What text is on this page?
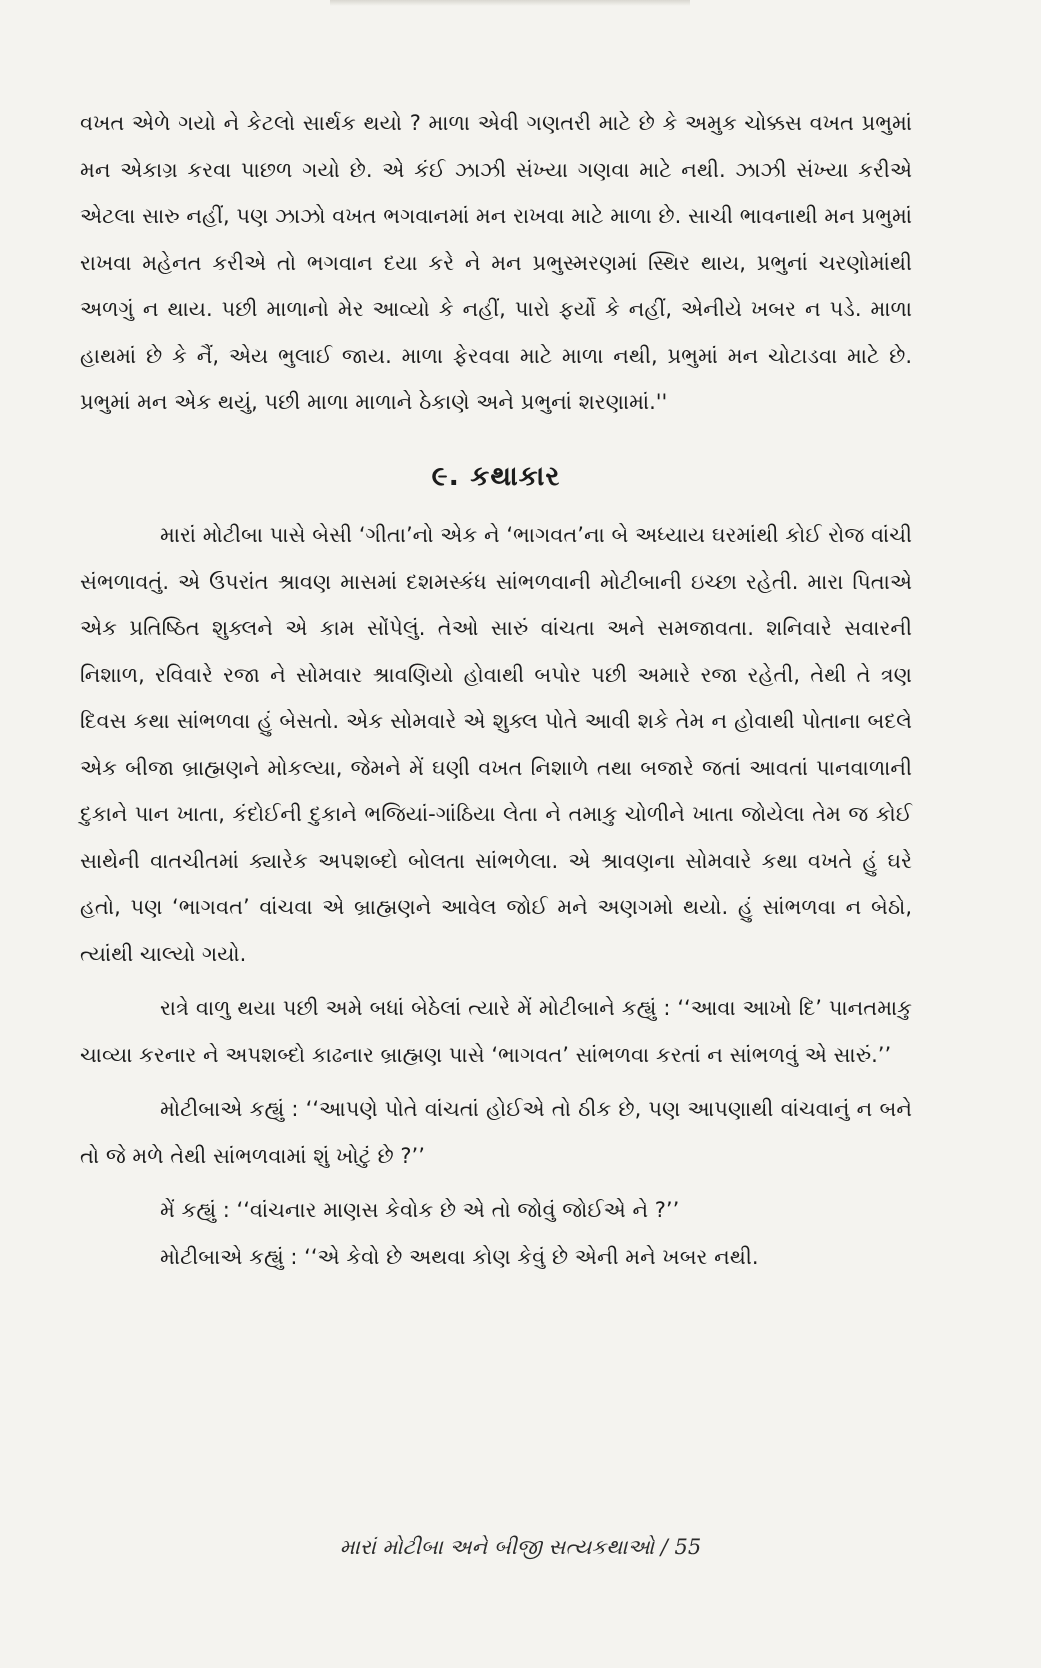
વખત એળે ગયો ને કેટલો સાર્થક થયો ? માળા એવી ગણતરી માટે છે કે અમુક ચોક્કસ વખત પ્રભુમાં મન એકાગ્ર કરવા પાછળ ગયો છે. એ કંઈ ઝાઝી સંખ્યા ગણવા માટે નથી. ઝાઝી સંખ્યા કરીએ એટલા સારુ નહીં, પણ ઝાઝો વખત ભગવાનમાં મન રાખવા માટે માળા છે. સાચી ભાવનાથી મન પ્રભુમાં રાખવા મહેનત કરીએ તો ભગવાન દયા કરે ને મન પ્રભુસ્મરણમાં સ્થિર થાય, પ્રભુનાં ચરણોમાંથી અળગું ન થાય. પછી માળાનો મેર આવ્યો કે નહીં, પારો ફર્યો કે નહીં, એનીયે ખબર ન પડે. માળા હાથમાં છે કે નૈં, એય ભુલાઈ જાય. માળા ફેરવવા માટે માળા નથી, પ્રભુમાં મન ચોટાડવા માટે છે. પ્રભુમાં મન એક થયું, પછી માળા માળાને ઠેકાણે અને પ્રભુનાં શરણામાં.''

૯. કથાકાર

મારાં મોટીબા પાસે બેસી ‘ગીતા’નો એક ને ‘ભાગવત’ના બે અધ્યાય ઘરમાંથી કોઈ રોજ વાંચી સંભળાવતું. એ ઉપરાંત શ્રાવણ માસમાં દશમસ્કંધ સાંભળવાની મોટીબાની ઇચ્છા રહેતી. મારા પિતાએ એક પ્રતિષ્ઠિત શુક્લને એ કામ સોંપેલું. તેઓ સારું વાંચતા અને સમજાવતા. શનિવારે સવારની નિશાળ, રવિવારે રજા ને સોમવાર શ્રાવણિયો હોવાથી બપોર પછી અમારે રજા રહેતી, તેથી તે ત્રણ દિવસ કથા સાંભળવા હું બેસતો. એક સોમવારે એ શુક્લ પોતે આવી શકે તેમ ન હોવાથી પોતાના બદલે એક બીજા બ્રાહ્મણને મોકલ્યા, જેમને મેં ઘણી વખત નિશાળે તથા બજારે જતાં આવતાં પાનવાળાની દુકાને પાન ખાતા, કંદોઈની દુકાને ભજિયાં-ગાંઠિયા લેતા ને તમાકુ ચોળીને ખાતા જોયેલા તેમ જ કોઈ સાથેની વાતચીતમાં ક્યારેક અપશબ્દો બોલતા સાંભળેલા. એ શ્રાવણના સોમવારે કથા વખતે હું ઘરે હતો, પણ ‘ભાગવત’ વાંચવા એ બ્રાહ્મણને આવેલ જોઈ મને અણગમો થયો. હું સાંભળવા ન બેઠો, ત્યાંથી ચાલ્યો ગયો.

રાત્રે વાળુ થયા પછી અમે બધાં બેઠેલાં ત્યારે મેં મોટીબાને કહ્યું : ‘‘આવા આખો દિ’ પાનતમાકુ ચાવ્યા કરનાર ને અપશબ્દો કાઢનાર બ્રાહ્મણ પાસે ‘ભાગવત’ સાંભળવા કરતાં ન સાંભળવું એ સારું.’’

મોટીબાએ કહ્યું : ‘‘આપણે પોતે વાંચતાં હોઈએ તો ઠીક છે, પણ આપણાથી વાંચવાનું ન બને તો જે મળે તેથી સાંભળવામાં શું ખોટું છે ?’’

મેં કહ્યું : ‘‘વાંચનાર માણસ કેવોક છે એ તો જોવું જોઈએ ને ?’’

મોટીબાએ કહ્યું : ‘‘એ કેવો છે અથવા કોણ કેવું છે એની મને ખબર નથી.

મારાં મોટીબા અને બીજી સત્યકથાઓ / 55
